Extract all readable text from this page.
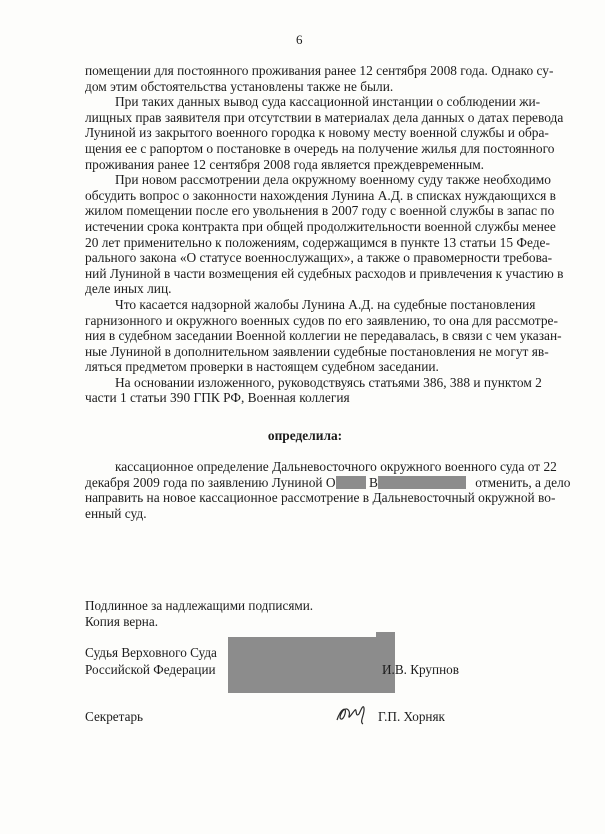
6
помещении для постоянного проживания ранее 12 сентября 2008 года. Однако су-
дом этим обстоятельства установлены также не были.
При таких данных вывод суда кассационной инстанции о соблюдении жи-
лищных прав заявителя при отсутствии в материалах дела данных о датах перевода
Луниной из закрытого военного городка к новому месту военной службы и обра-
щения ее с рапортом о постановке в очередь на получение жилья для постоянного
проживания ранее 12 сентября 2008 года является преждевременным.
При новом рассмотрении дела окружному военному суду также необходимо
обсудить вопрос о законности нахождения Лунина А.Д. в списках нуждающихся в
жилом помещении после его увольнения в 2007 году с военной службы в запас по
истечении срока контракта при общей продолжительности военной службы менее
20 лет применительно к положениям, содержащимся в пункте 13 статьи 15 Феде-
рального закона «О статусе военнослужащих», а также о правомерности требова-
ний Луниной в части возмещения ей судебных расходов и привлечения к участию в
деле иных лиц.
Что касается надзорной жалобы Лунина А.Д. на судебные постановления
гарнизонного и окружного военных судов по его заявлению, то она для рассмотре-
ния в судебном заседании Военной коллегии не передавалась, в связи с чем указан-
ные Луниной в дополнительном заявлении судебные постановления не могут яв-
ляться предметом проверки в настоящем судебном заседании.
На основании изложенного, руководствуясь статьями 386, 388 и пунктом 2
части 1 статьи 390 ГПК РФ, Военная коллегия
определила:
кассационное определение Дальневосточного окружного военного суда от 22
декабря 2009 года по заявлению Луниной О В	отменить, а дело
направить на новое кассационное рассмотрение в Дальневосточный окружной во-
енный суд.
Подлинное за надлежащими подписями.
Копия верна.
Судья Верховного Суда
Российской Федерации	И.В. Крупнов
Секретарь	Г.П. Хорняк
